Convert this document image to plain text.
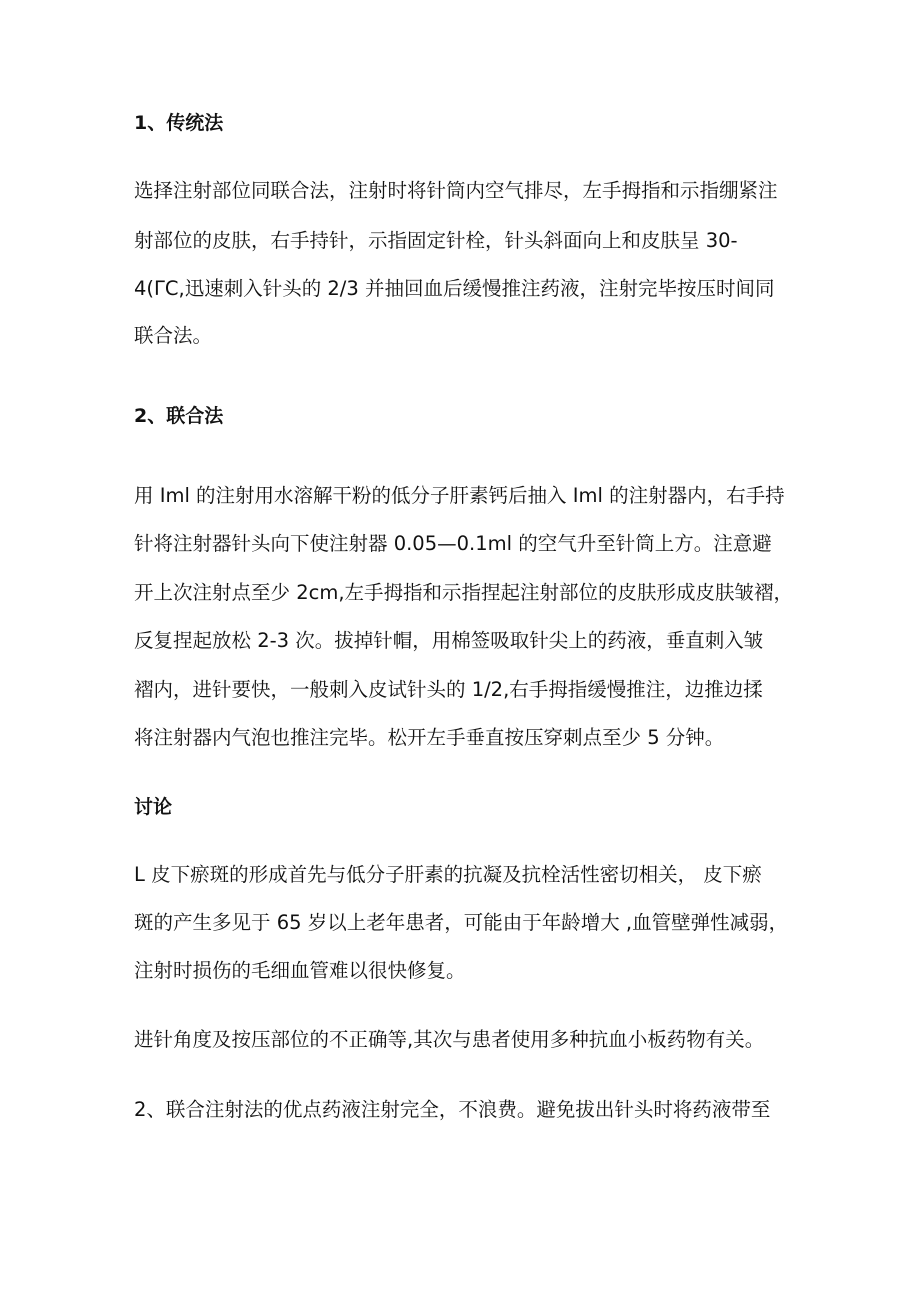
1、传统法

选择注射部位同联合法，注射时将针筒内空气排尽，左手拇指和示指绷紧注

射部位的皮肤，右手持针，示指固定针栓，针头斜面向上和皮肤呈 30-

4(ΓC,迅速刺入针头的 2/3 并抽回血后缓慢推注药液，注射完毕按压时间同

联合法。

2、联合法

用 Iml 的注射用水溶解干粉的低分子肝素钙后抽入 Iml 的注射器内，右手持

针将注射器针头向下使注射器 0.05—0.1ml 的空气升至针筒上方。注意避

开上次注射点至少 2cm,左手拇指和示指捏起注射部位的皮肤形成皮肤皱褶，

反复捏起放松 2-3 次。拔掉针帽，用棉签吸取针尖上的药液，垂直刺入皱

褶内，进针要快，一般刺入皮试针头的 1/2,右手拇指缓慢推注，边推边揉

将注射器内气泡也推注完毕。松开左手垂直按压穿刺点至少 5 分钟。

讨论

L 皮下瘀斑的形成首先与低分子肝素的抗凝及抗栓活性密切相关， 皮下瘀

斑的产生多见于 65 岁以上老年患者，可能由于年龄增大 ,血管壁弹性减弱，

注射时损伤的毛细血管难以很快修复。

进针角度及按压部位的不正确等,其次与患者使用多种抗血小板药物有关。

2、联合注射法的优点药液注射完全，不浪费。避免拔出针头时将药液带至
